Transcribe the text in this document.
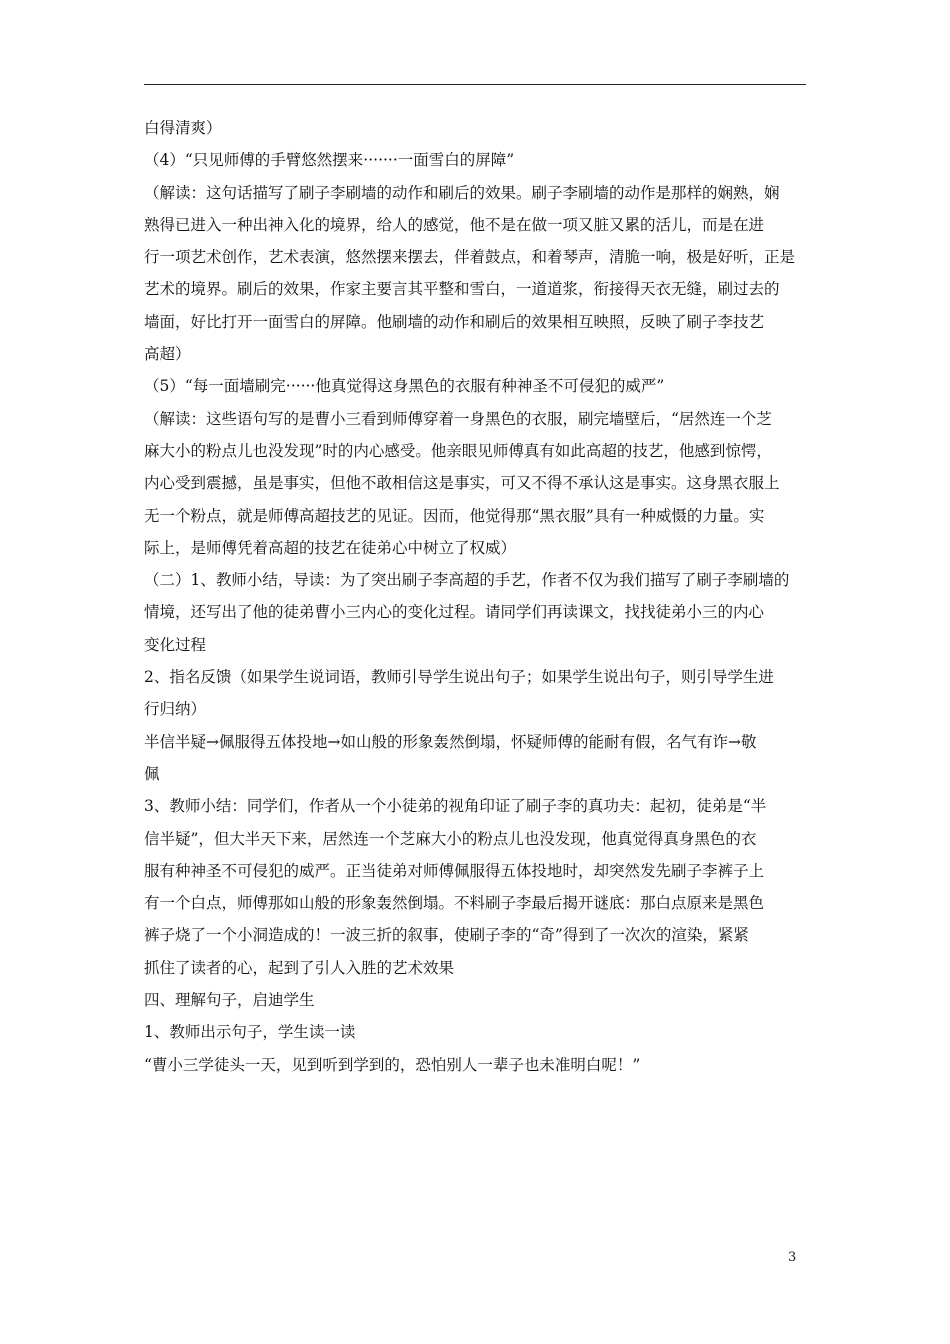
白得清爽）
（4）“只见师傅的手臂悠然摆来·······一面雪白的屏障”
（解读：这句话描写了刷子李刷墙的动作和刷后的效果。刷子李刷墙的动作是那样的娴熟，娴
熟得已进入一种出神入化的境界，给人的感觉，他不是在做一项又脏又累的活儿，而是在进
行一项艺术创作，艺术表演，悠然摆来摆去，伴着鼓点，和着琴声，清脆一响，极是好听，正是
艺术的境界。刷后的效果，作家主要言其平整和雪白，一道道浆，衔接得天衣无缝，刷过去的
墙面，好比打开一面雪白的屏障。他刷墙的动作和刷后的效果相互映照，反映了刷子李技艺
高超）
（5）“每一面墙刷完······他真觉得这身黑色的衣服有种神圣不可侵犯的威严”
（解读：这些语句写的是曹小三看到师傅穿着一身黑色的衣服，刷完墙壁后，“居然连一个芝
麻大小的粉点儿也没发现”时的内心感受。他亲眼见师傅真有如此高超的技艺，他感到惊愕，
内心受到震撼，虽是事实，但他不敢相信这是事实，可又不得不承认这是事实。这身黑衣服上
无一个粉点，就是师傅高超技艺的见证。因而，他觉得那“黑衣服”具有一种威慑的力量。实
际上，是师傅凭着高超的技艺在徒弟心中树立了权威）
（二）1、教师小结，导读：为了突出刷子李高超的手艺，作者不仅为我们描写了刷子李刷墙的
情境，还写出了他的徒弟曹小三内心的变化过程。请同学们再读课文，找找徒弟小三的内心
变化过程
2、指名反馈（如果学生说词语，教师引导学生说出句子；如果学生说出句子，则引导学生进
行归纳）
半信半疑→佩服得五体投地→如山般的形象轰然倒塌，怀疑师傅的能耐有假，名气有诈→敬
佩
3、教师小结：同学们，作者从一个小徒弟的视角印证了刷子李的真功夫：起初，徒弟是“半
信半疑”，但大半天下来，居然连一个芝麻大小的粉点儿也没发现，他真觉得真身黑色的衣
服有种神圣不可侵犯的威严。正当徒弟对师傅佩服得五体投地时，却突然发先刷子李裤子上
有一个白点，师傅那如山般的形象轰然倒塌。不料刷子李最后揭开谜底：那白点原来是黑色
裤子烧了一个小洞造成的！一波三折的叙事，使刷子李的“奇”得到了一次次的渲染，紧紧
抓住了读者的心，起到了引人入胜的艺术效果
四、理解句子，启迪学生
1、教师出示句子，学生读一读
“曹小三学徒头一天，见到听到学到的，恐怕别人一辈子也未准明白呢！”
3
